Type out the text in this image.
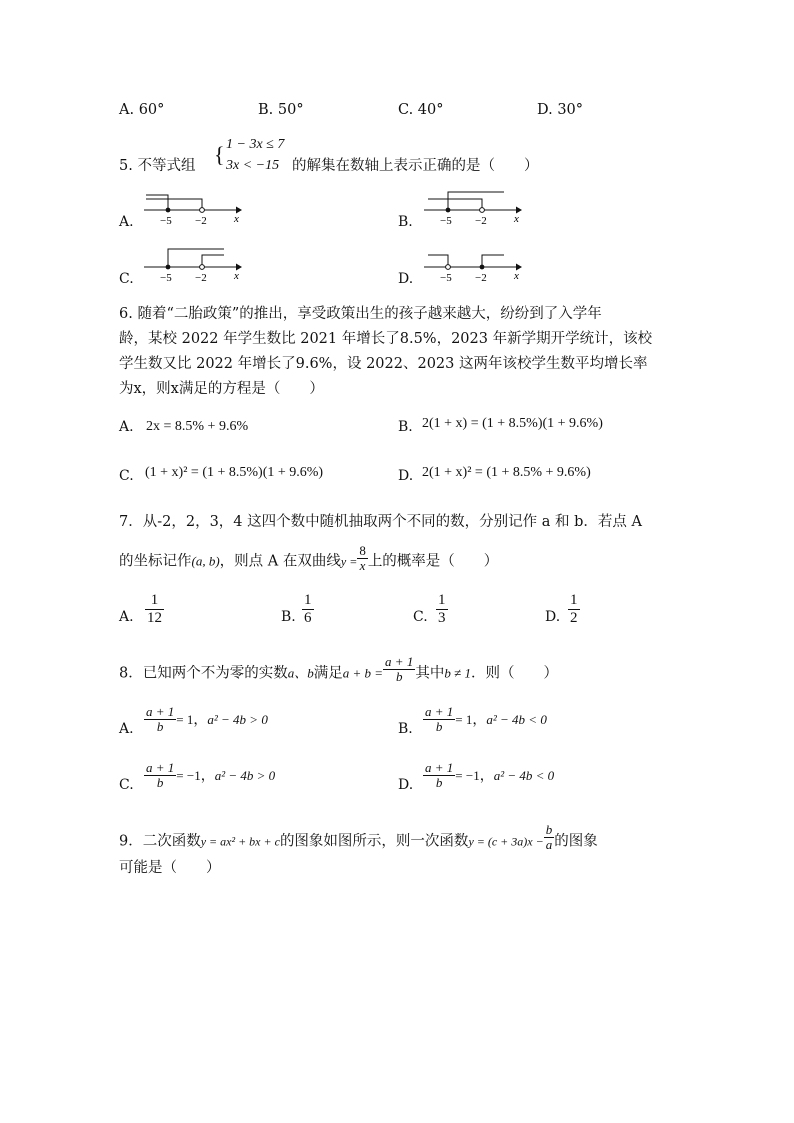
A. 60°	B. 50°	C. 40°	D. 30°
5. 不等式组 { 1 − 3x ≤ 7
3x < −15 的解集在数轴上表示正确的是（　　）
A. −5 −2 x	B. −5 −2 x
C. −5 −2 x	D. −5 −2 x
6. 随着“二胎政策”的推出，享受政策出生的孩子越来越大，纷纷到了入学年
龄，某校 2022 年学生数比 2021 年增长了8.5%，2023 年新学期开学统计，该校
学生数又比 2022 年增长了9.6%，设 2022、2023 这两年该校学生数平均增长率
为x，则x满足的方程是（　　）
A. 2x = 8.5% + 9.6%	B. 2(1 + x) = (1 + 8.5%)(1 + 9.6%)
C. (1 + x)² = (1 + 8.5%)(1 + 9.6%)	D. 2(1 + x)² = (1 + 8.5% + 9.6%)
7．从-2，2，3，4 这四个数中随机抽取两个不同的数，分别记作 a 和 b．若点 A
的坐标记作(a, b)，则点 A 在双曲线$y = \frac{8}{x}$ 上的概率是（　　）
A. $\frac{1}{12}$	B. $\frac{1}{6}$	C. $\frac{1}{3}$	D. $\frac{1}{2}$
8．已知两个不为零的实数a、b满足$a + b = \frac{a + 1}{b}$ 其中b ≠ 1．则（　　）
A. $\frac{a + 1}{b} = 1$，a² − 4b > 0
B. $\frac{a + 1}{b} = 1$，a² − 4b < 0
C. $\frac{a + 1}{b} = -1$，a² − 4b > 0
D. $\frac{a + 1}{b} = -1$，a² − 4b < 0
9．二次函数y = ax² + bx + c的图象如图所示，则一次函数$y = (c + 3a)x - \frac{b}{a}$ 的图象
可能是（　　）
